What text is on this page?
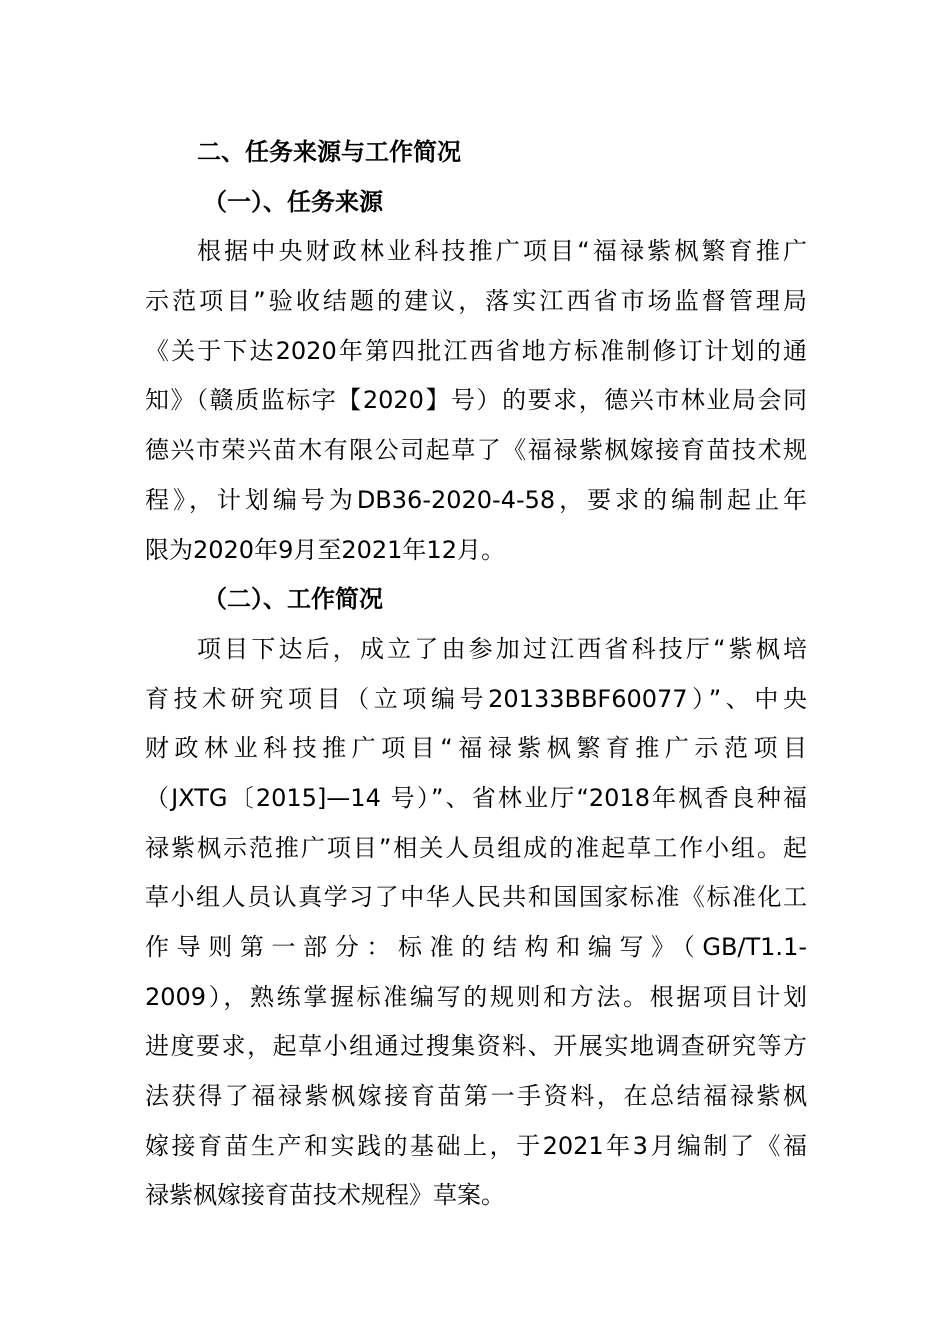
二、任务来源与工作简况
（一）、任务来源
根据中央财政林业科技推广项目“福禄紫枫繁育推广
示范项目”验收结题的建议，落实江西省市场监督管理局
《关于下达2020年第四批江西省地方标准制修订计划的通
知》（赣质监标字【2020】号）的要求，德兴市林业局会同
德兴市荣兴苗木有限公司起草了《福禄紫枫嫁接育苗技术规
程》，计划编号为DB36-2020-4-58，要求的编制起止年
限为2020年9月至2021年12月。
（二）、工作简况
项目下达后，成立了由参加过江西省科技厅“紫枫培
育技术研究项目（立项编号20133BBF60077）”、中央
财政林业科技推广项目“福禄紫枫繁育推广示范项目
（JXTG〔2015]—14 号）”、省林业厅“2018年枫香良种福
禄紫枫示范推广项目”相关人员组成的准起草工作小组。起
草小组人员认真学习了中华人民共和国国家标准《标准化工
作导则第一部分：标准的结构和编写》（GB/T1.1-
2009），熟练掌握标准编写的规则和方法。根据项目计划
进度要求，起草小组通过搜集资料、开展实地调查研究等方
法获得了福禄紫枫嫁接育苗第一手资料，在总结福禄紫枫
嫁接育苗生产和实践的基础上，于2021年3月编制了《福
禄紫枫嫁接育苗技术规程》草案。
